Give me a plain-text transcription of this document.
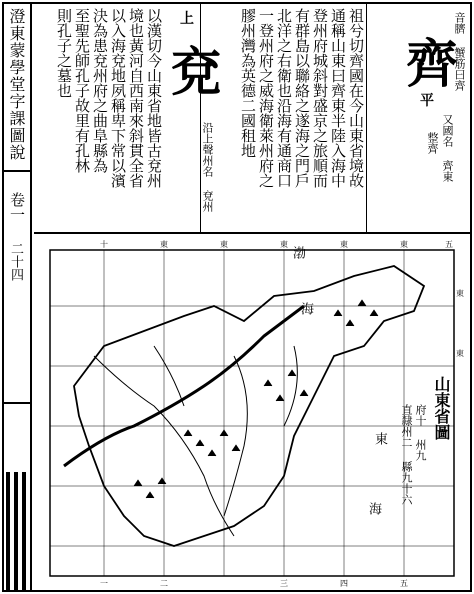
澄東蒙學堂字課圖說
卷一
二十四
齊
平
音臍 蟹筋曰齊
又國名 齊東
整齊
祖兮切齊國在今山東省境故
通稱山東曰齊東半陸入海中
登州府城斜對盛京之旅順而
有群島以聯絡之遂海之門戶
北洋之右衛也沿海有通商口
一登州府之威海衛萊州府之
膠州灣為英德二國租地
上
兗
沿上聲州名 兗州
以漢切今山東省地皆古兗州
境也黃河自西南來斜貫全省
以入海兗地夙稱卑下常以濱
決為患兗州府之曲阜縣為
至聖先師孔子故里有孔林
則孔子之墓也
十	東	東	東	東	東	五
東
東
一	二	三	四	五
山東省圖
府十 州九
直隸州二 縣九十六
渤
海
東
海
